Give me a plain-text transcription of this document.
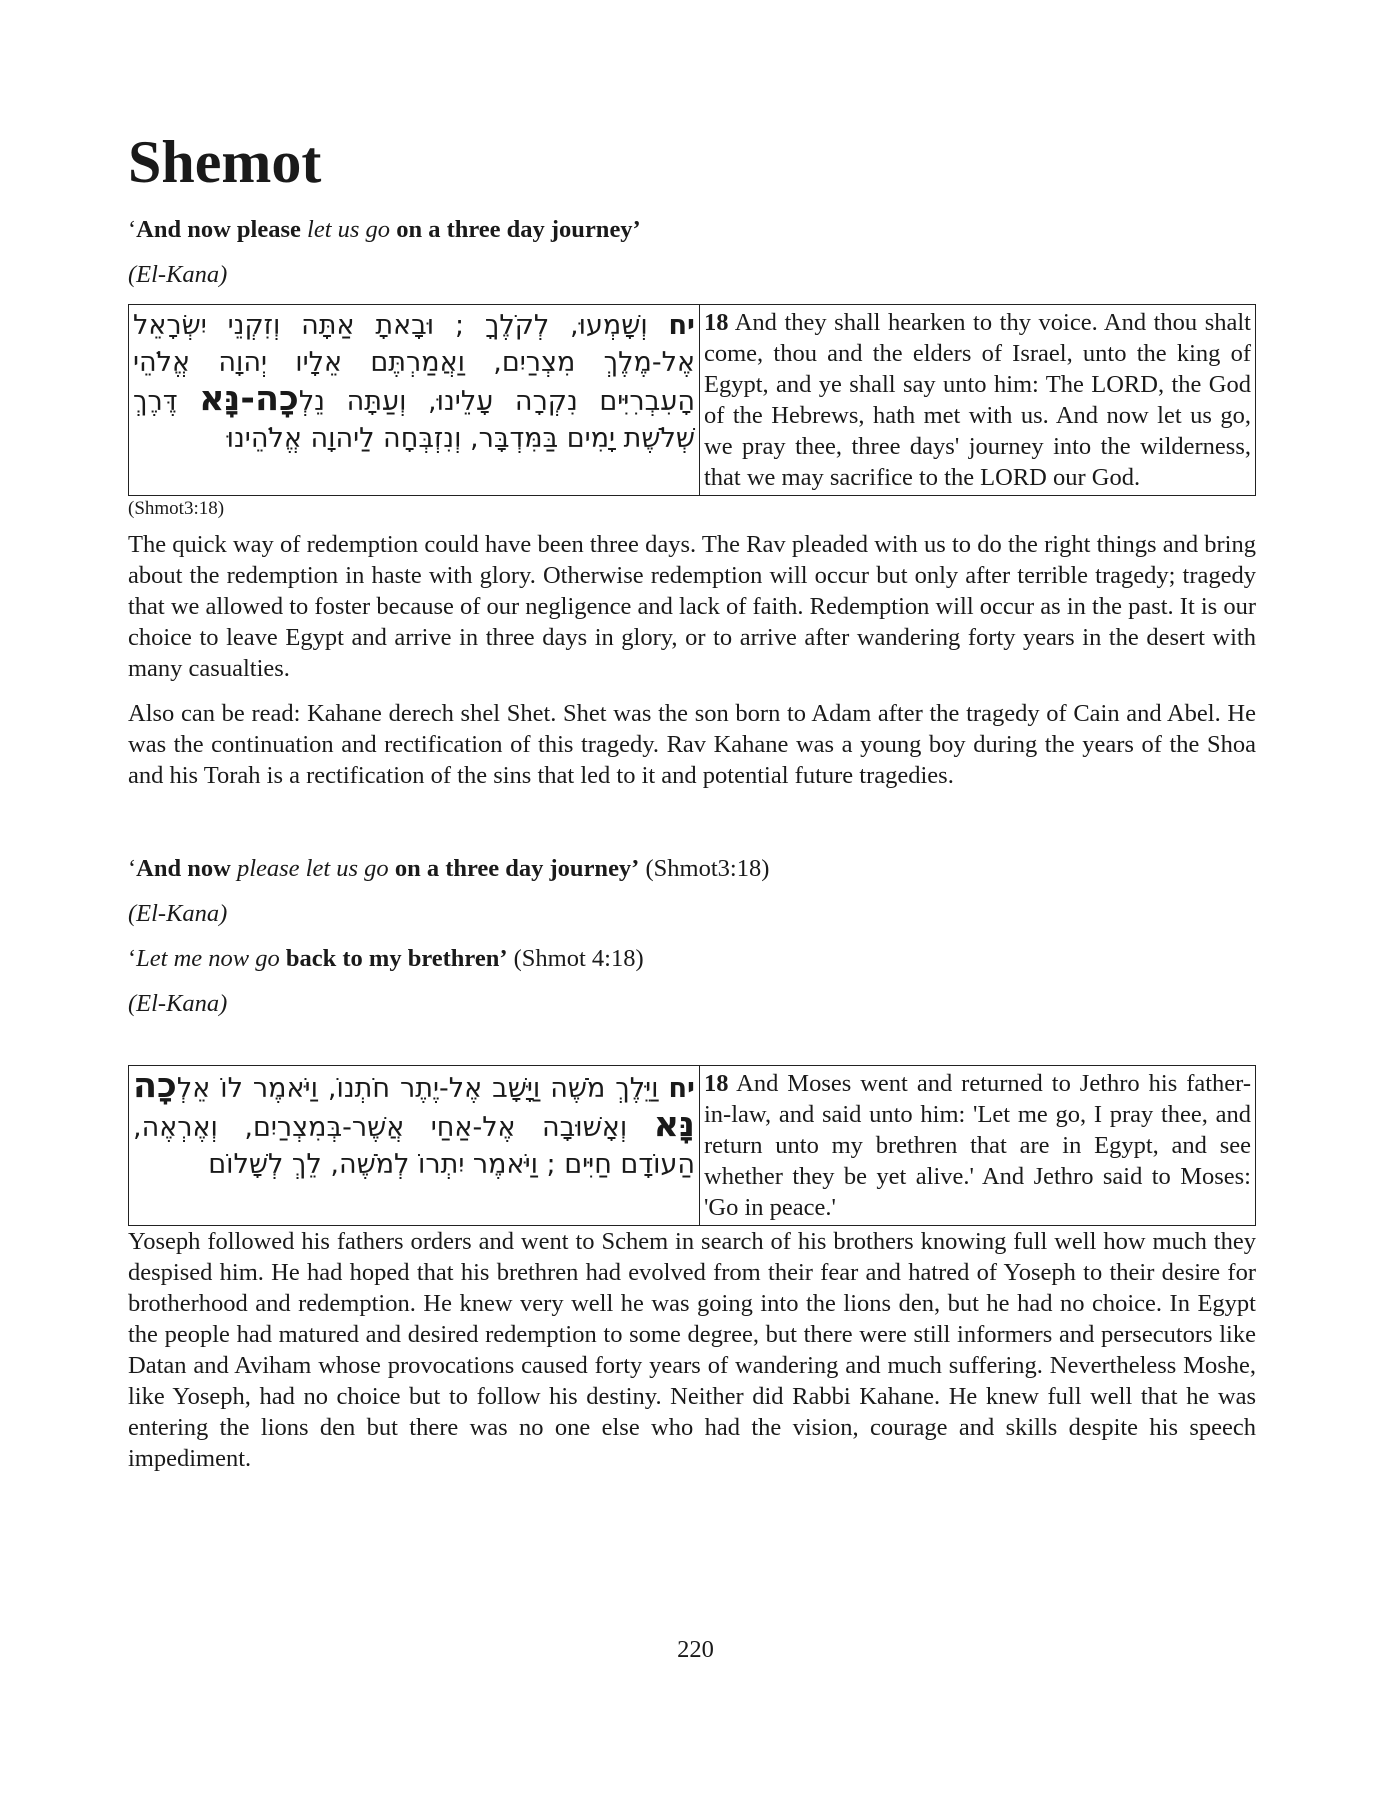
Shemot

‘And now please let us go on a three day journey’

(El-Kana)

יח וְשָׁמְעוּ, לְקֹלֶךָ ; וּבָאתָ אַתָּה וְזִקְנֵי יִשְׂרָאֵל אֶל-מֶלֶךְ מִצְרַיִם, וַאֲמַרְתֶּם אֵלָיו יְהוָה אֱלֹהֵי הָעִבְרִיִּים נִקְרָה עָלֵינוּ, וְעַתָּה נֵלְכָה-נָּא דֶּרֶךְ שְׁלֹשֶׁת יָמִים בַּמִּדְבָּר, וְנִזְבְּחָה לַיהוָה אֱלֹהֵינוּ	18 And they shall hearken to thy voice. And thou shalt come, thou and the elders of Israel, unto the king of Egypt, and ye shall say unto him: The LORD, the God of the Hebrews, hath met with us. And now let us go, we pray thee, three days' journey into the wilderness, that we may sacrifice to the LORD our God.

(Shmot3:18)

The quick way of redemption could have been three days. The Rav pleaded with us to do the right things and bring about the redemption in haste with glory. Otherwise redemption will occur but only after terrible tragedy; tragedy that we allowed to foster because of our negligence and lack of faith. Redemption will occur as in the past. It is our choice to leave Egypt and arrive in three days in glory, or to arrive after wandering forty years in the desert with many casualties.

Also can be read: Kahane derech shel Shet. Shet was the son born to Adam after the tragedy of Cain and Abel. He was the continuation and rectification of this tragedy. Rav Kahane was a young boy during the years of the Shoa and his Torah is a rectification of the sins that led to it and potential future tragedies.

‘And now please let us go on a three day journey’ (Shmot3:18)

(El-Kana)

‘Let me now go back to my brethren’ (Shmot 4:18)

(El-Kana)

יח וַיֵּלֶךְ מֹשֶׁה וַיָּשָׁב אֶל-יֶתֶר חֹתְנוֹ, וַיֹּאמֶר לוֹ אֵלְכָה נָּא וְאָשׁוּבָה אֶל-אַחַי אֲשֶׁר-בְּמִצְרַיִם, וְאֶרְאֶה, הַעוֹדָם חַיִּים ; וַיֹּאמֶר יִתְרוֹ לְמֹשֶׁה, לֵךְ לְשָׁלוֹם	18 And Moses went and returned to Jethro his father-in-law, and said unto him: 'Let me go, I pray thee, and return unto my brethren that are in Egypt, and see whether they be yet alive.' And Jethro said to Moses: 'Go in peace.'

Yoseph followed his fathers orders and went to Schem in search of his brothers knowing full well how much they despised him. He had hoped that his brethren had evolved from their fear and hatred of Yoseph to their desire for brotherhood and redemption. He knew very well he was going into the lions den, but he had no choice. In Egypt the people had matured and desired redemption to some degree, but there were still informers and persecutors like Datan and Aviham whose provocations caused forty years of wandering and much suffering. Nevertheless Moshe, like Yoseph, had no choice but to follow his destiny. Neither did Rabbi Kahane. He knew full well that he was entering the lions den but there was no one else who had the vision, courage and skills despite his speech impediment.

220
